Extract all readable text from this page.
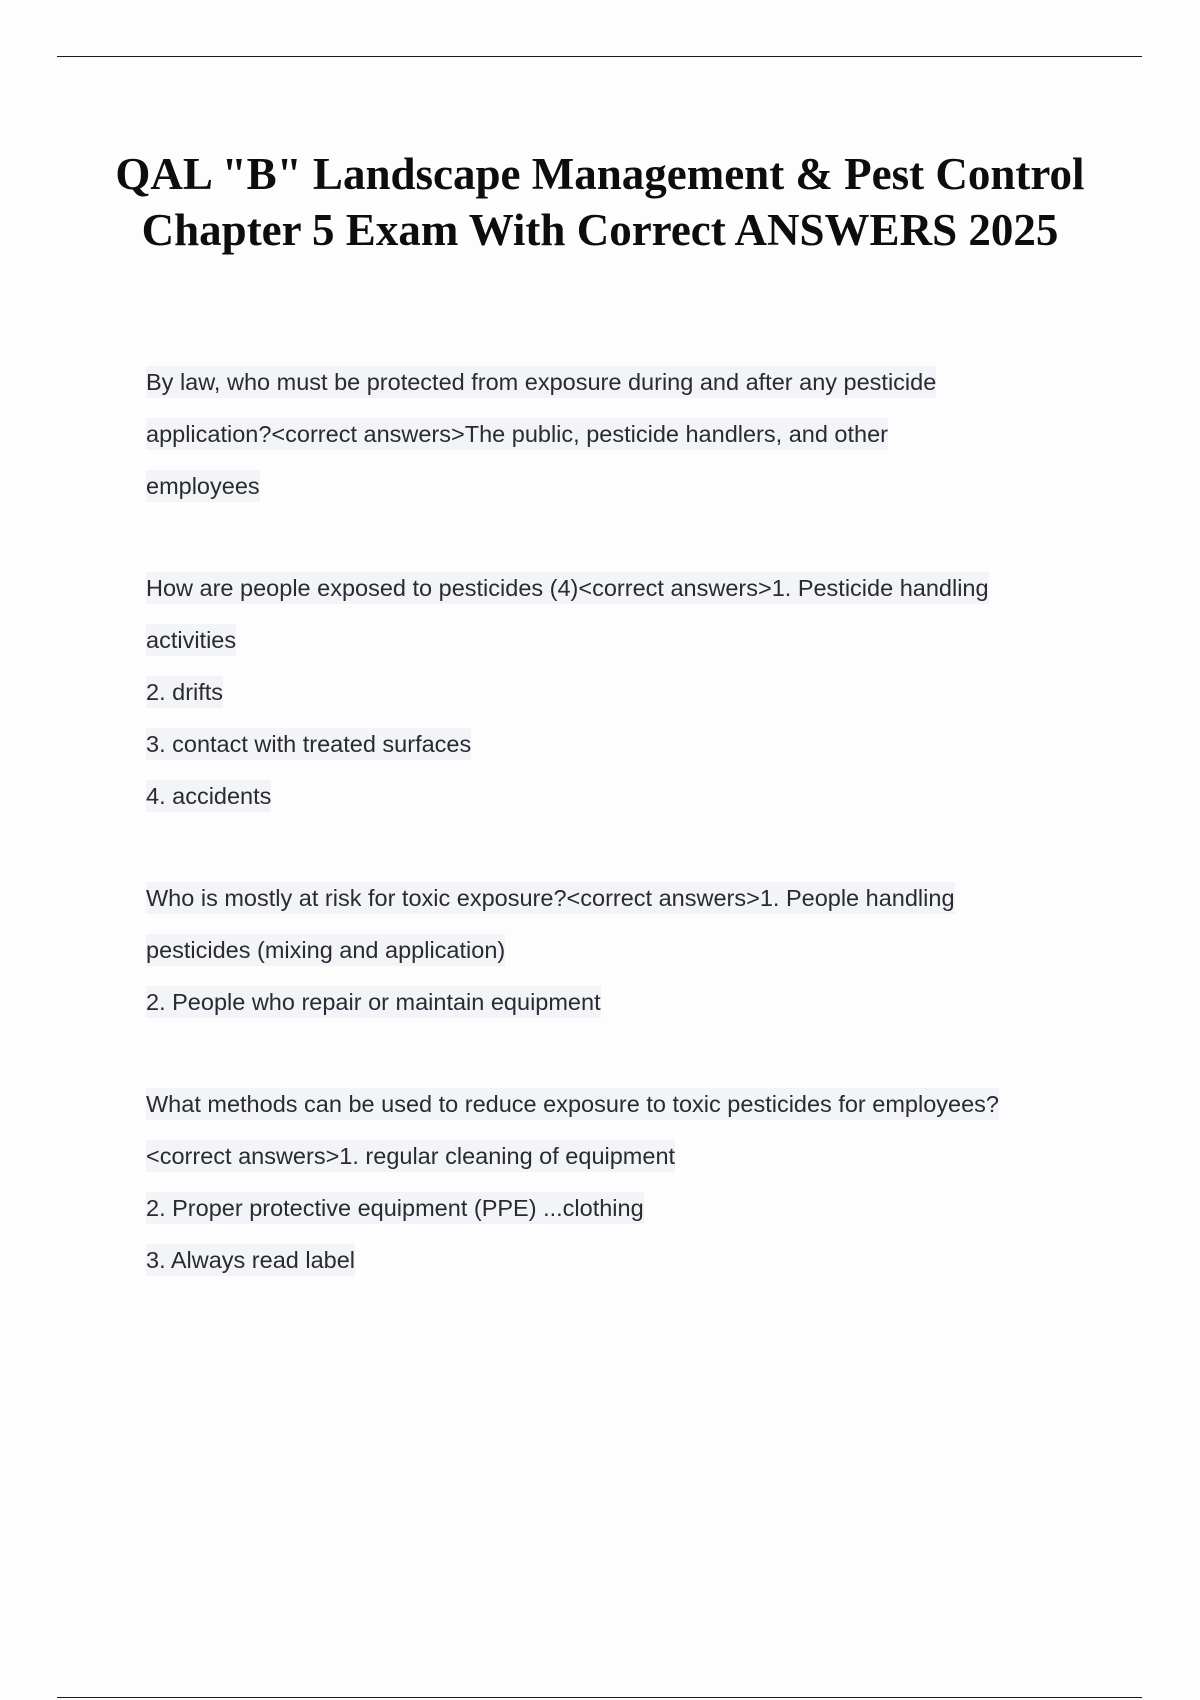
QAL "B" Landscape Management & Pest Control Chapter 5 Exam With Correct ANSWERS 2025

By law, who must be protected from exposure during and after any pesticide

application?<correct answers>The public, pesticide handlers, and other

employees

How are people exposed to pesticides (4)<correct answers>1. Pesticide handling

activities

2. drifts

3. contact with treated surfaces

4. accidents

Who is mostly at risk for toxic exposure?<correct answers>1. People handling

pesticides (mixing and application)

2. People who repair or maintain equipment

What methods can be used to reduce exposure to toxic pesticides for employees?

<correct answers>1. regular cleaning of equipment

2. Proper protective equipment (PPE) ...clothing

3. Always read label
